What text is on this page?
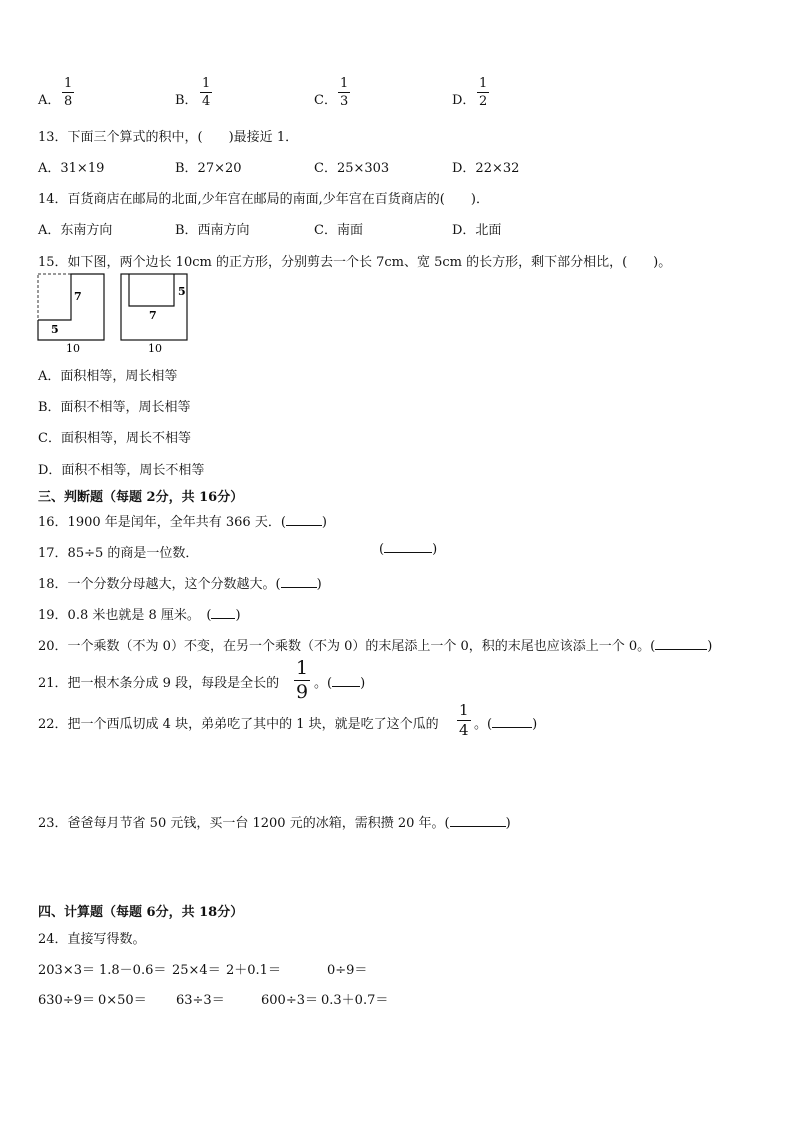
A． $\frac{1}{8}$	B． $\frac{1}{4}$	C． $\frac{1}{3}$	D． $\frac{1}{2}$
13．下面三个算式的积中，(　　)最接近 1．
A．31×19	B．27×20	C．25×303	D．22×32
14．百货商店在邮局的北面,少年宫在邮局的南面,少年宫在百货商店的(　　)．
A．东南方向	B．西南方向	C．南面	D．北面
15．如下图，两个边长 10cm 的正方形，分别剪去一个长 7cm、宽 5cm 的长方形，剩下部分相比，(　　)。
7
5
10
5
7
10
A．面积相等，周长相等
B．面积不相等，周长相等
C．面积相等，周长不相等
D．面积不相等，周长不相等
三、判断题（每题 2分，共 16分）
16．1900 年是闰年，全年共有 366 天．(	)
17．85÷5 的商是一位数．	(	)
18．一个分数分母越大，这个分数越大。(	)
19．0.8 米也就是 8 厘米。　( )
20．一个乘数（不为 0）不变，在另一个乘数（不为 0）的末尾添上一个 0，积的末尾也应该添上一个 0。(	)
21．把一根木条分成 9 段，每段是全长的 $\frac{1}{9}$ 。( )
22．把一个西瓜切成 4 块，弟弟吃了其中的 1 块，就是吃了这个瓜的 $\frac{1}{4}$ 。(	)
23．爸爸每月节省 50 元钱，买一台 1200 元的冰箱，需积攒 20 年。(	)
四、计算题（每题 6分，共 18分）
24．直接写得数。
203×3＝ 1.8－0.6＝ 25×4＝ 2＋0.1＝	0÷9＝
630÷9＝ 0×50＝ 63÷3＝	600÷3＝ 0.3＋0.7＝
